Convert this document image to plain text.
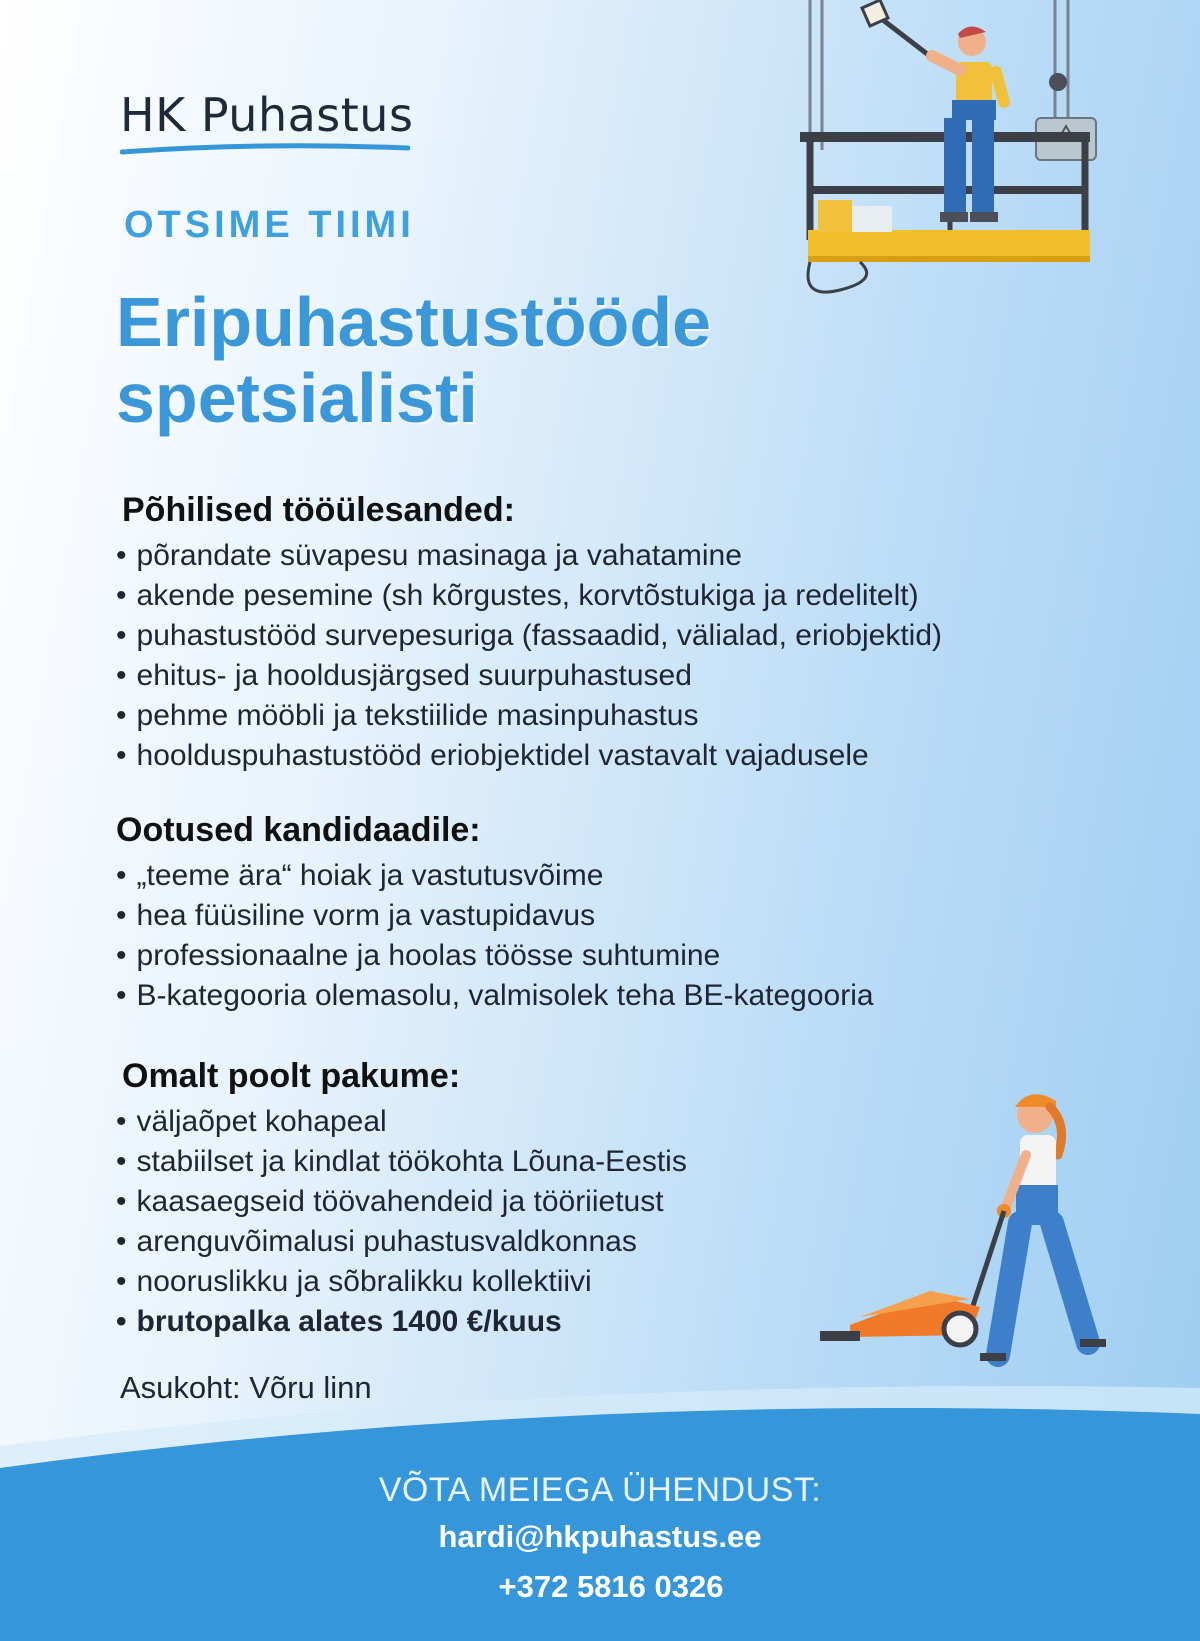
HK Puhastus
OTSIME TIIMI
Eripuhastustööde
spetsialisti
Põhilised tööülesanded:
• põrandate süvapesu masinaga ja vahatamine
• akende pesemine (sh kõrgustes, korvtõstukiga ja redelitelt)
• puhastustööd survepesuriga (fassaadid, välialad, eriobjektid)
• ehitus- ja hooldusjärgsed suurpuhastused
• pehme mööbli ja tekstiilide masinpuhastus
• hoolduspuhastustööd eriobjektidel vastavalt vajadusele
Ootused kandidaadile:
• „teeme ära“ hoiak ja vastutusvõime
• hea füüsiline vorm ja vastupidavus
• professionaalne ja hoolas töösse suhtumine
• B-kategooria olemasolu, valmisolek teha BE-kategooria
Omalt poolt pakume:
• väljaõpet kohapeal
• stabiilset ja kindlat töökohta Lõuna-Eestis
• kaasaegseid töövahendeid ja tööriietust
• arenguvõimalusi puhastusvaldkonnas
• nooruslikku ja sõbralikku kollektiivi
• brutopalka alates 1400 €/kuus

Asukoht: Võru linn

VÕTA MEIEGA ÜHENDUST:
hardi@hkpuhastus.ee
+372 5816 0326
